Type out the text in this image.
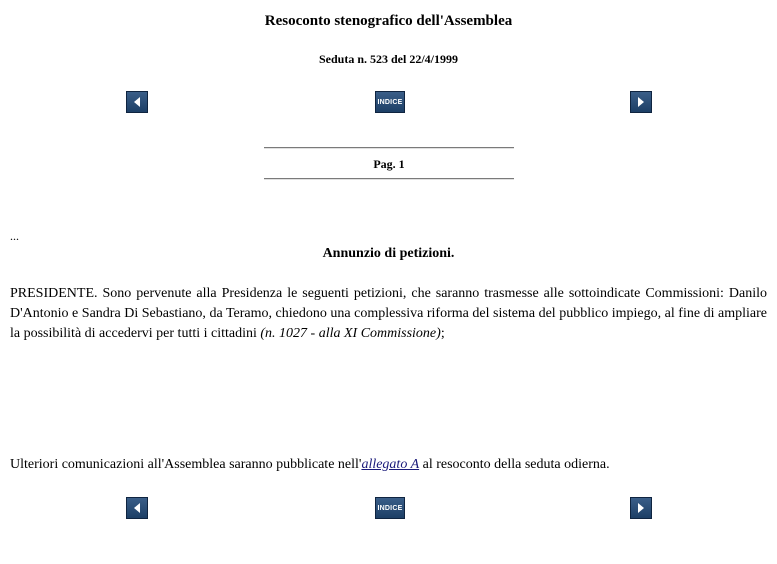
Resoconto stenografico dell'Assemblea
Seduta n. 523 del 22/4/1999
INDICE
Pag. 1
...
Annunzio di petizioni.
PRESIDENTE. Sono pervenute alla Presidenza le seguenti petizioni, che saranno trasmesse alle sottoindicate Commissioni: Danilo D'Antonio e Sandra Di Sebastiano, da Teramo, chiedono una complessiva riforma del sistema del pubblico impiego, al fine di ampliare la possibilità di accedervi per tutti i cittadini (n. 1027 - alla XI Commissione);
Ulteriori comunicazioni all'Assemblea saranno pubblicate nell'allegato A al resoconto della seduta odierna.
INDICE
